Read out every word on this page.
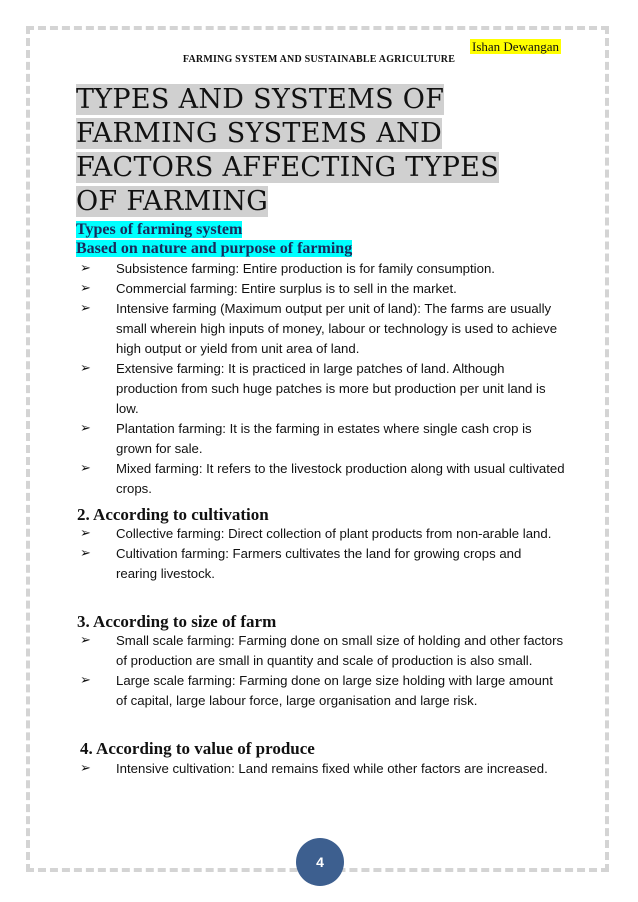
Ishan Dewangan
FARMING SYSTEM AND SUSTAINABLE AGRICULTURE
TYPES AND SYSTEMS OF FARMING SYSTEMS AND FACTORS AFFECTING TYPES OF FARMING
Types of farming system
Based on nature and purpose of farming
➢ Subsistence farming: Entire production is for family consumption.
➢ Commercial farming: Entire surplus is to sell in the market.
➢ Intensive farming (Maximum output per unit of land): The farms are usually small wherein high inputs of money, labour or technology is used to achieve high output or yield from unit area of land.
➢ Extensive farming: It is practiced in large patches of land. Although production from such huge patches is more but production per unit land is low.
➢ Plantation farming: It is the farming in estates where single cash crop is grown for sale.
➢ Mixed farming: It refers to the livestock production along with usual cultivated crops.
2. According to cultivation
➢ Collective farming: Direct collection of plant products from non-arable land.
➢ Cultivation farming: Farmers cultivates the land for growing crops and rearing livestock.
3. According to size of farm
➢ Small scale farming: Farming done on small size of holding and other factors of production are small in quantity and scale of production is also small.
➢ Large scale farming: Farming done on large size holding with large amount of capital, large labour force, large organisation and large risk.
4. According to value of produce
➢ Intensive cultivation: Land remains fixed while other factors are increased.
4
